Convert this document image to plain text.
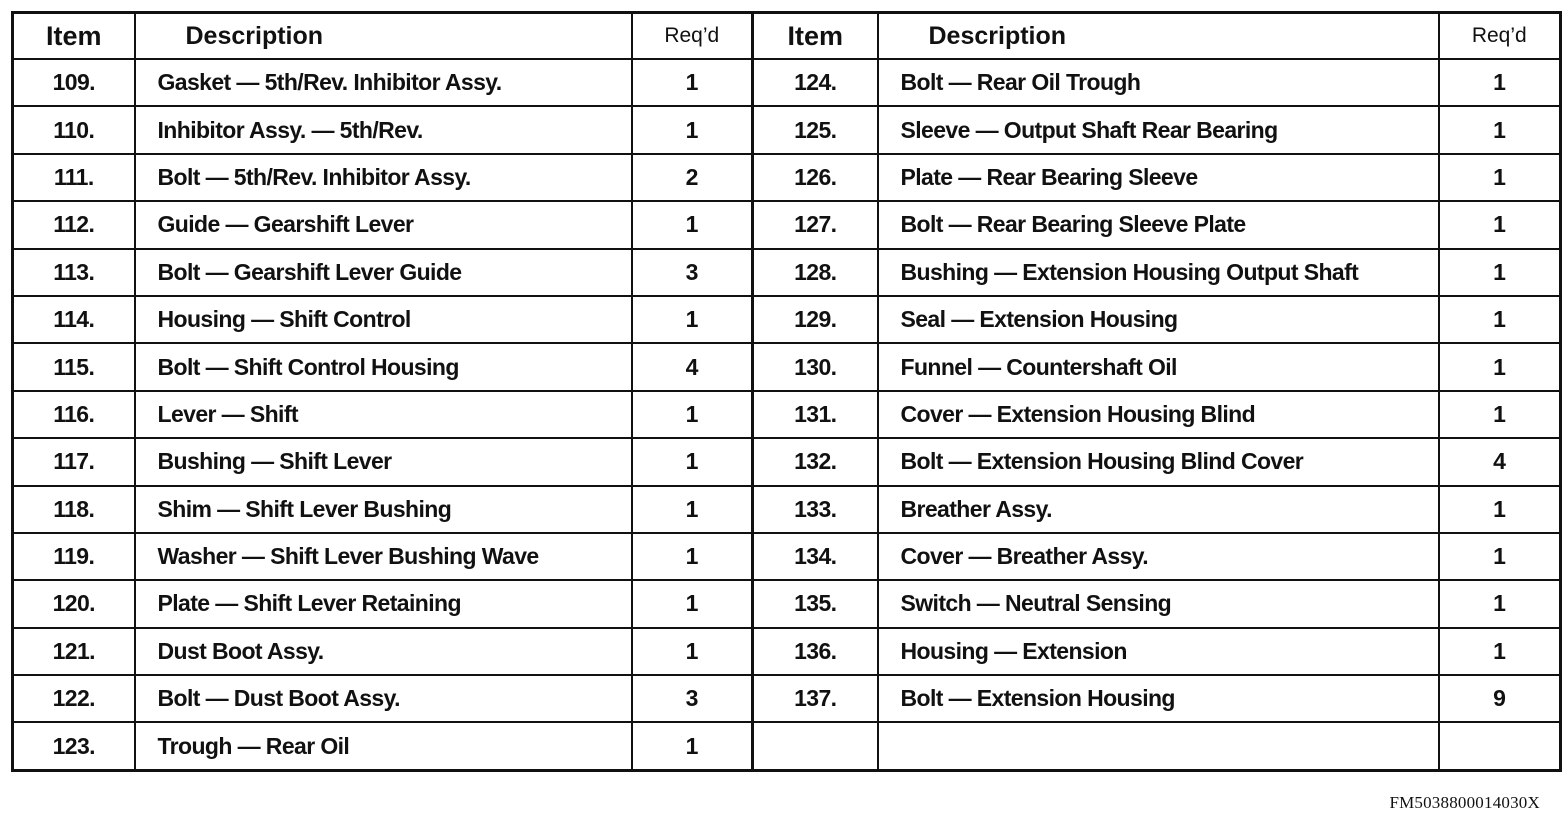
Item	Description	Req’d	Item	Description	Req’d
109.	Gasket — 5th/Rev. Inhibitor Assy.	1	124.	Bolt — Rear Oil Trough	1
110.	Inhibitor Assy. — 5th/Rev.	1	125.	Sleeve — Output Shaft Rear Bearing	1
111.	Bolt — 5th/Rev. Inhibitor Assy.	2	126.	Plate — Rear Bearing Sleeve	1
112.	Guide — Gearshift Lever	1	127.	Bolt — Rear Bearing Sleeve Plate	1
113.	Bolt — Gearshift Lever Guide	3	128.	Bushing — Extension Housing Output Shaft	1
114.	Housing — Shift Control	1	129.	Seal — Extension Housing	1
115.	Bolt — Shift Control Housing	4	130.	Funnel — Countershaft Oil	1
116.	Lever — Shift	1	131.	Cover — Extension Housing Blind	1
117.	Bushing — Shift Lever	1	132.	Bolt — Extension Housing Blind Cover	4
118.	Shim — Shift Lever Bushing	1	133.	Breather Assy.	1
119.	Washer — Shift Lever Bushing Wave	1	134.	Cover — Breather Assy.	1
120.	Plate — Shift Lever Retaining	1	135.	Switch — Neutral Sensing	1
121.	Dust Boot Assy.	1	136.	Housing — Extension	1
122.	Bolt — Dust Boot Assy.	3	137.	Bolt — Extension Housing	9
123.	Trough — Rear Oil	1			
FM5038800014030X
